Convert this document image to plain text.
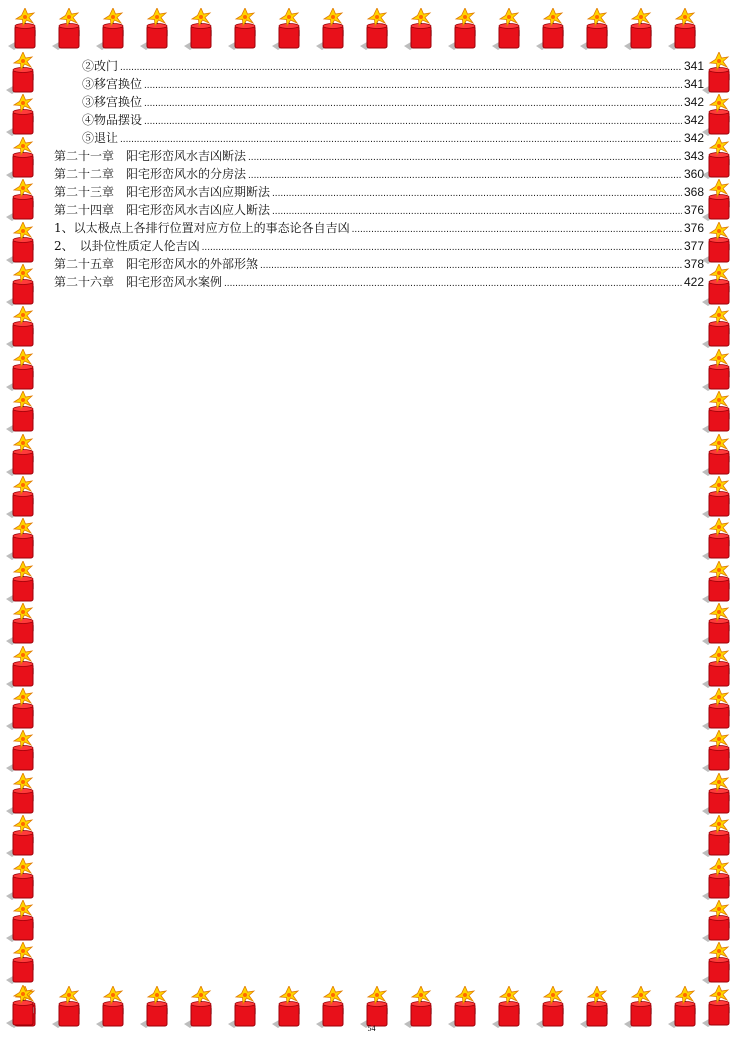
②改门 .....	341
③移宫换位 .....	341
③移宫换位 .....	342
④物品摆设 .....	342
⑤退让 .....	342
第二十一章　阳宅形峦风水吉凶断法 .....	343
第二十二章　阳宅形峦风水的分房法 .....	360
第二十三章　阳宅形峦风水吉凶应期断法 .....	368
第二十四章　阳宅形峦风水吉凶应人断法 .....	376
1、以太极点上各排行位置对应方位上的事态论各自吉凶 .....	376
2、　以卦位性质定人伦吉凶 .....	377
第二十五章　阳宅形峦风水的外部形煞 .....	378
第二十六章　阳宅形峦风水案例 .....	422
54
